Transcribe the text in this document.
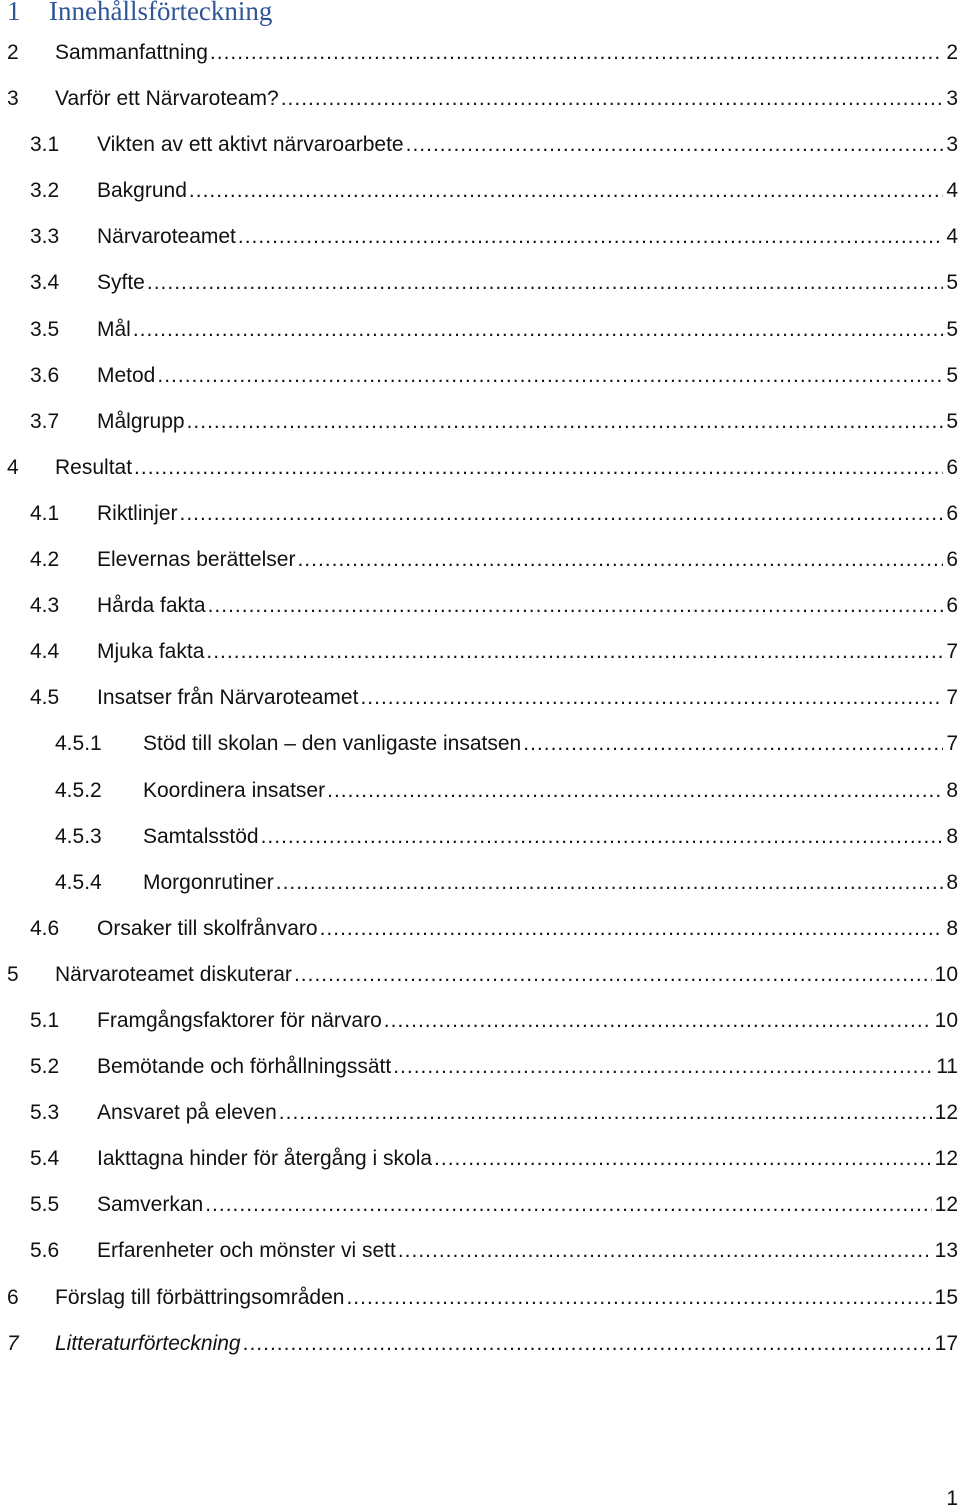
1 Innehållsförteckning
2 Sammanfattning .....	2
3 Varför ett Närvaroteam? .....	3
3.1 Vikten av ett aktivt närvaroarbete .....	3
3.2 Bakgrund .....	4
3.3 Närvaroteamet .....	4
3.4 Syfte .....	5
3.5 Mål .....	5
3.6 Metod .....	5
3.7 Målgrupp .....	5
4 Resultat .....	6
4.1 Riktlinjer .....	6
4.2 Elevernas berättelser .....	6
4.3 Hårda fakta .....	6
4.4 Mjuka fakta .....	7
4.5 Insatser från Närvaroteamet .....	7
4.5.1 Stöd till skolan – den vanligaste insatsen .....	7
4.5.2 Koordinera insatser .....	8
4.5.3 Samtalsstöd .....	8
4.5.4 Morgonrutiner .....	8
4.6 Orsaker till skolfrånvaro .....	8
5 Närvaroteamet diskuterar .....	10
5.1 Framgångsfaktorer för närvaro .....	10
5.2 Bemötande och förhållningssätt .....	11
5.3 Ansvaret på eleven .....	12
5.4 Iakttagna hinder för återgång i skola .....	12
5.5 Samverkan .....	12
5.6 Erfarenheter och mönster vi sett .....	13
6 Förslag till förbättringsområden .....	15
7 Litteraturförteckning .....	17
1
